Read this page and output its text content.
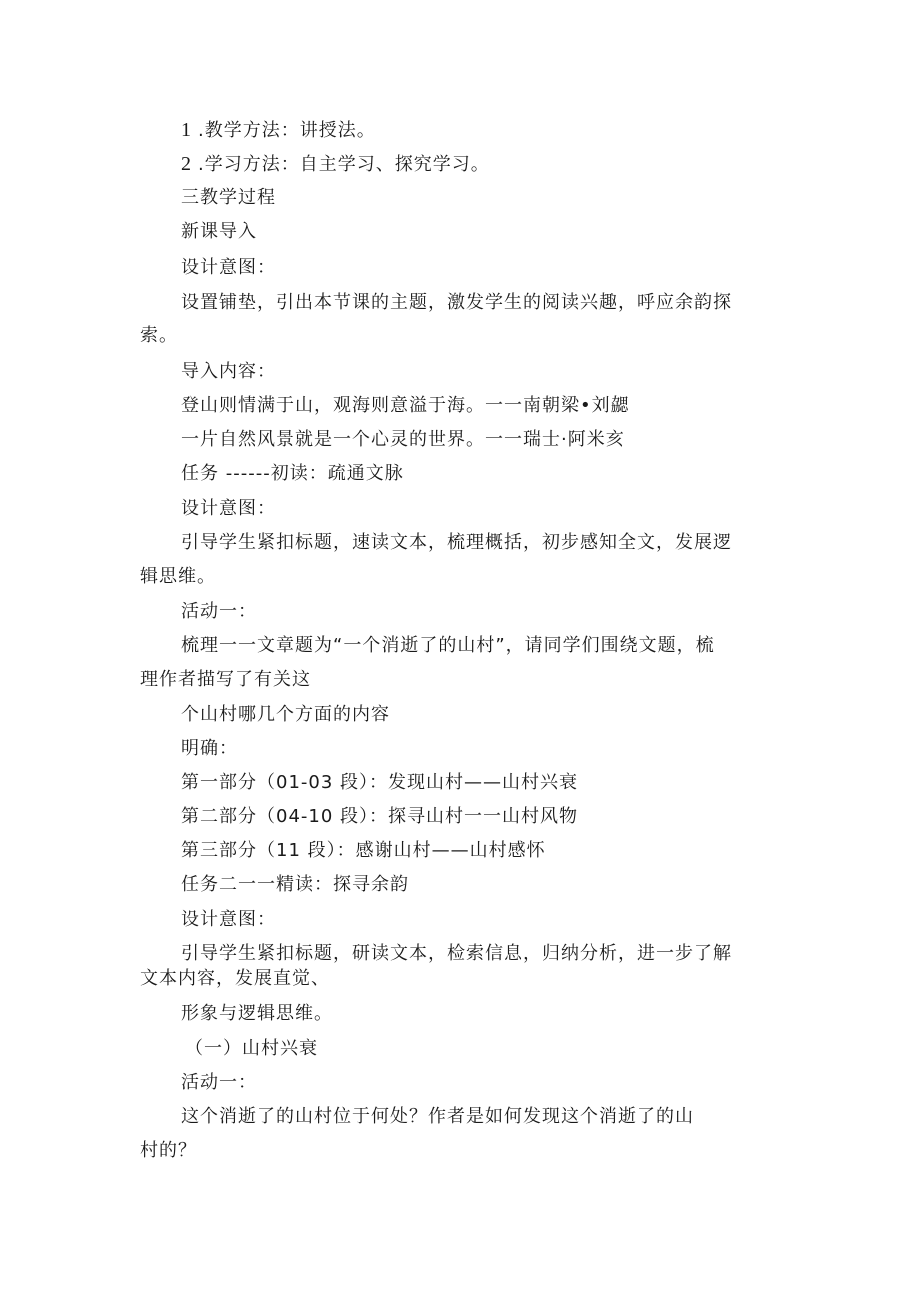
1 .教学方法：讲授法。
2 .学习方法：自主学习、探究学习。
三教学过程
新课导入
设计意图：
设置铺垫，引出本节课的主题，激发学生的阅读兴趣，呼应余韵探
索。
导入内容：
登山则情满于山，观海则意溢于海。一一南朝梁•刘勰
一片自然风景就是一个心灵的世界。一一瑞士·阿米亥
任务 ------初读：疏通文脉
设计意图：
引导学生紧扣标题，速读文本，梳理概括，初步感知全文，发展逻
辑思维。
活动一：
梳理一一文章题为“一个消逝了的山村”，请同学们围绕文题，梳
理作者描写了有关这
个山村哪几个方面的内容
明确：
第一部分（01-03 段）：发现山村——山村兴衰
第二部分（04-10 段）：探寻山村一一山村风物
第三部分（11 段）：感谢山村——山村感怀
任务二一一精读：探寻余韵
设计意图：
引导学生紧扣标题，研读文本，检索信息，归纳分析，进一步了解
文本内容，发展直觉、
形象与逻辑思维。
（一）山村兴衰
活动一：
这个消逝了的山村位于何处？作者是如何发现这个消逝了的山
村的？
